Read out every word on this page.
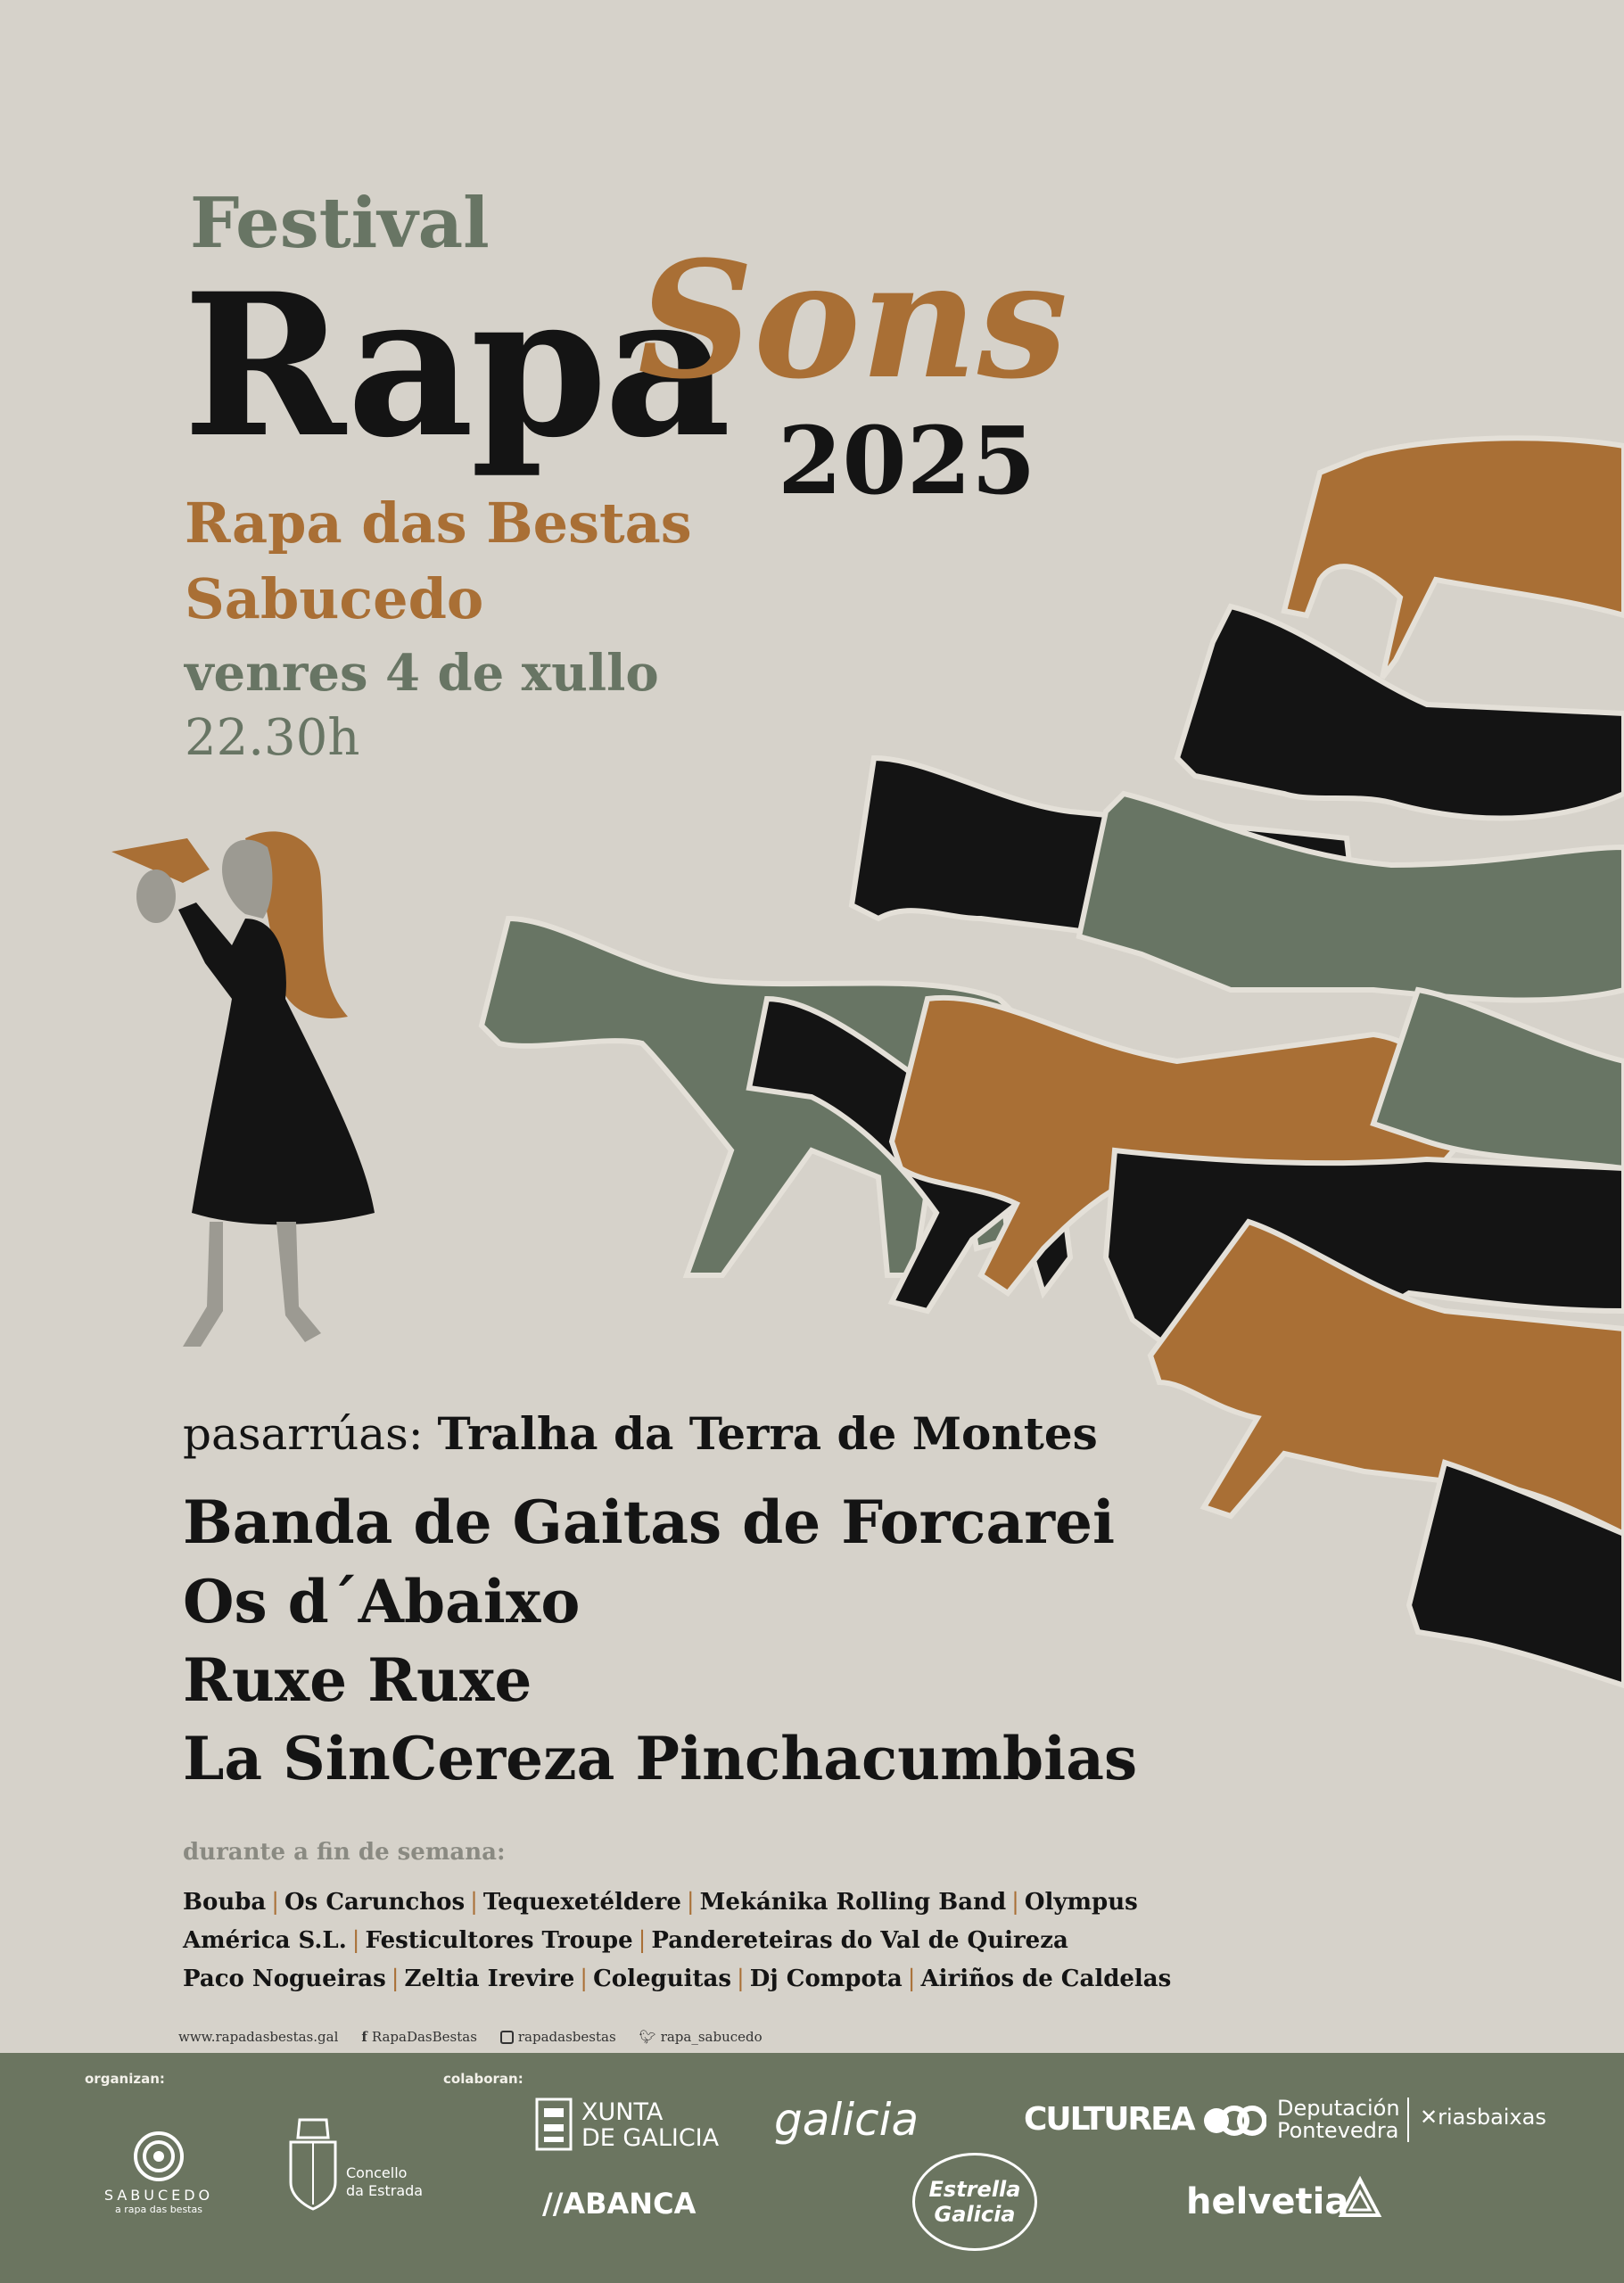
Festival
Rapa
Sons
2025
Rapa das Bestas
Sabucedo
venres 4 de xullo
22.30h
pasarrúas: Tralha da Terra de Montes
Banda de Gaitas de Forcarei
Os d´Abaixo
Ruxe Ruxe
La SinCereza Pinchacumbias
durante a fin de semana:
Bouba | Os Carunchos | Tequexetéldere | Mekánika Rolling Band | Olympus
América S.L. | Festicultores Troupe | Pandereteiras do Val de Quireza
Paco Nogueiras | Zeltia Irevire | Coleguitas | Dj Compota | Airiños de Caldelas
www.rapadasbestas.gal f RapaDasBestas	rapadasbestas 🐦︎ rapa_sabucedo
organizan:	colaboran:
SABUCEDO
a rapa das bestas
Concello
da Estrada
XUNTA
DE GALICIA galicia	CULTUREA	Deputación
Pontevedra
✕riasbaixas
//ABANCA	Estrella
Galicia	helvetia
